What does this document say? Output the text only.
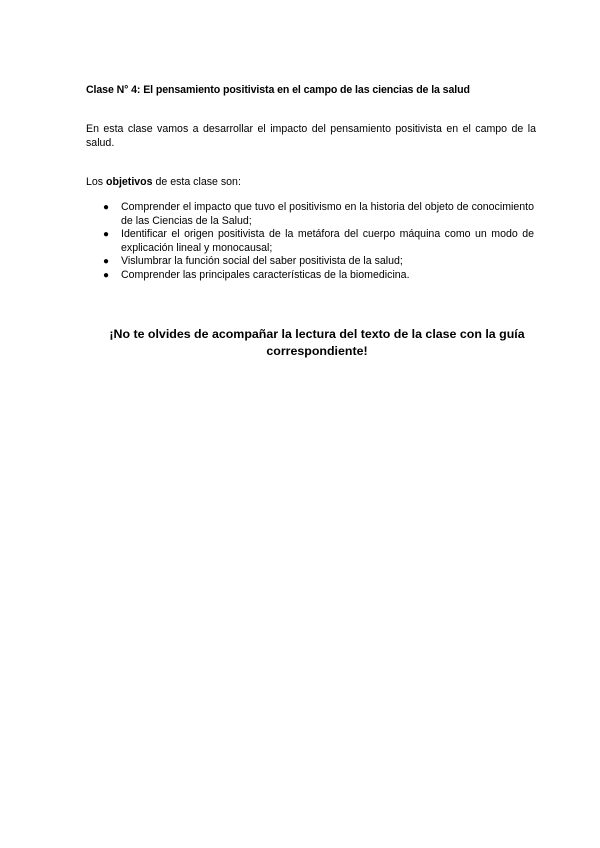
Clase N° 4: El pensamiento positivista en el campo de las ciencias de la salud
En esta clase vamos a desarrollar el impacto del pensamiento positivista en el campo de la salud.
Los objetivos de esta clase son:
● Comprender el impacto que tuvo el positivismo en la historia del objeto de conocimiento de las Ciencias de la Salud;
● Identificar el origen positivista de la metáfora del cuerpo máquina como un modo de explicación lineal y monocausal;
● Vislumbrar la función social del saber positivista de la salud;
● Comprender las principales características de la biomedicina.
¡No te olvides de acompañar la lectura del texto de la clase con la guía correspondiente!
